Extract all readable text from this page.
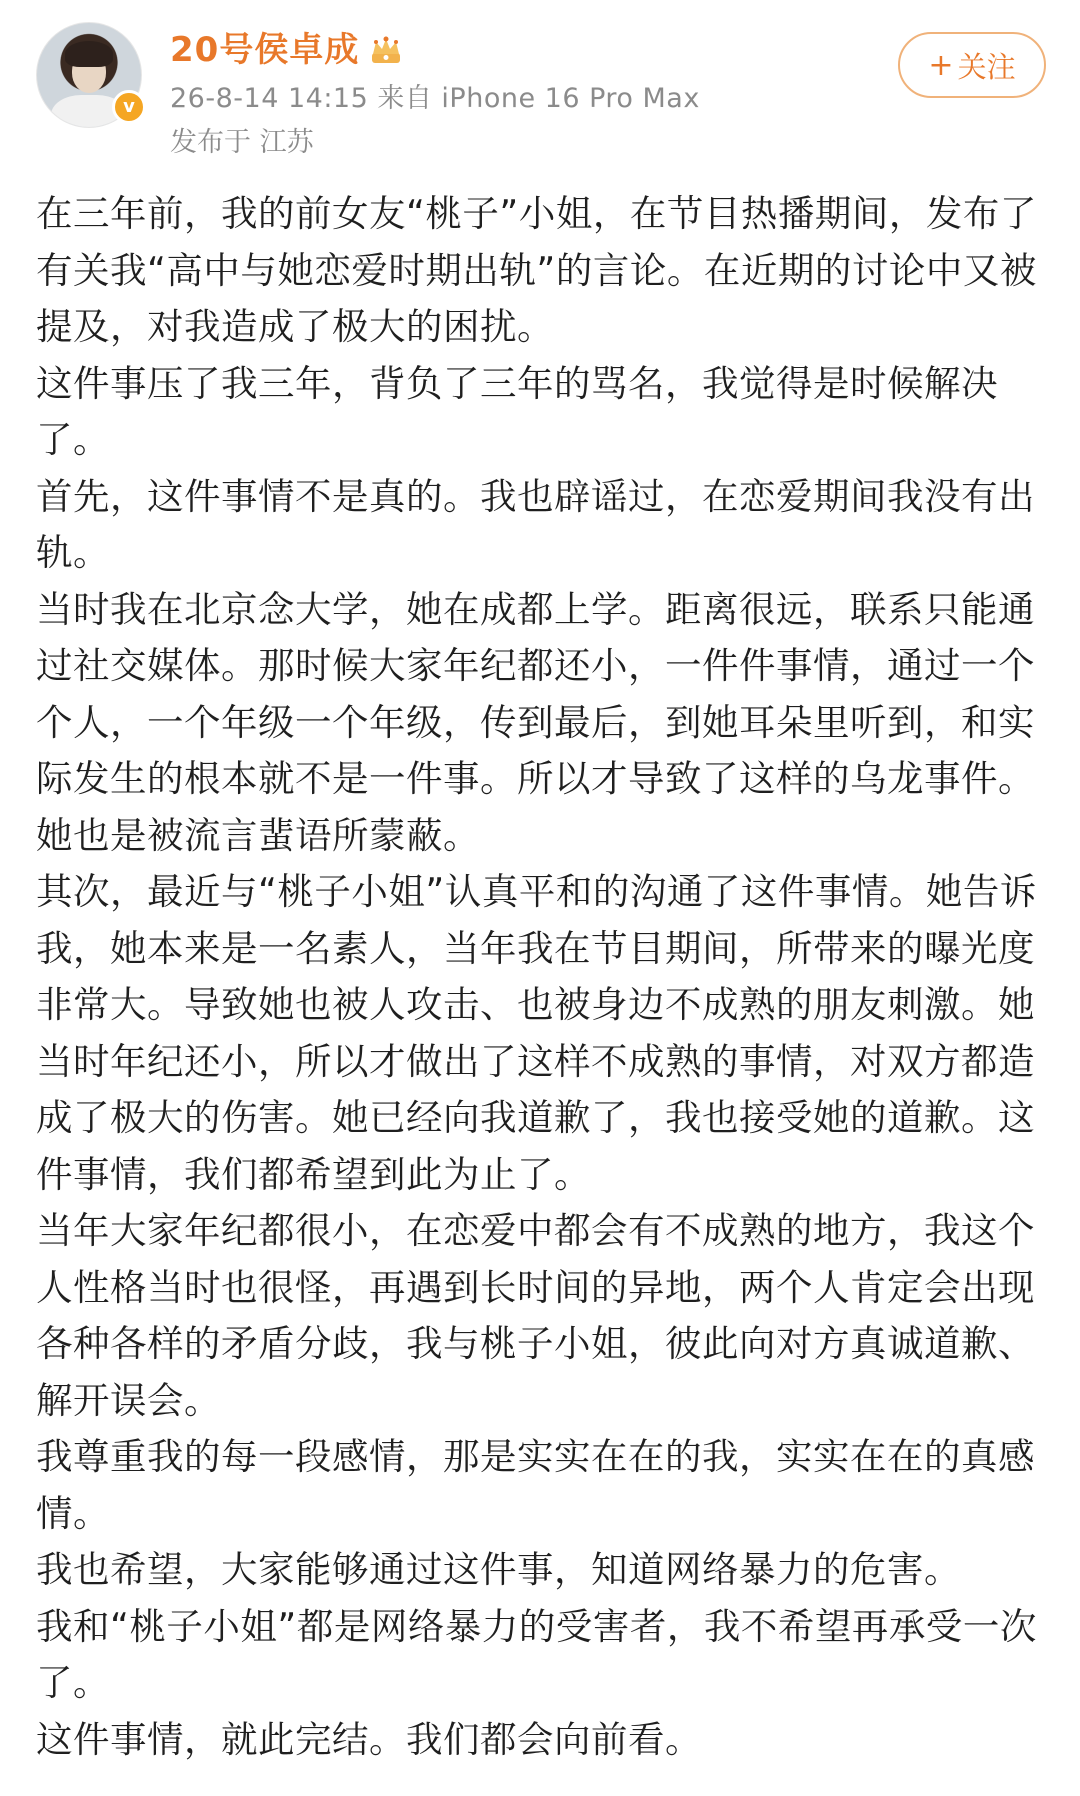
v
20号侯卓成
26-8-14 14:15 来自 iPhone 16 Pro Max
发布于 江苏
+ 关注

在三年前，我的前女友“桃子”小姐，在节目热播期间，发布了有关我“高中与她恋爱时期出轨”的言论。在近期的讨论中又被提及，对我造成了极大的困扰。

这件事压了我三年，背负了三年的骂名，我觉得是时候解决了。

首先，这件事情不是真的。我也辟谣过，在恋爱期间我没有出轨。

当时我在北京念大学，她在成都上学。距离很远，联系只能通过社交媒体。那时候大家年纪都还小，一件件事情，通过一个个人，一个年级一个年级，传到最后，到她耳朵里听到，和实际发生的根本就不是一件事。所以才导致了这样的乌龙事件。她也是被流言蜚语所蒙蔽。

其次，最近与“桃子小姐”认真平和的沟通了这件事情。她告诉我，她本来是一名素人，当年我在节目期间，所带来的曝光度非常大。导致她也被人攻击、也被身边不成熟的朋友刺激。她当时年纪还小，所以才做出了这样不成熟的事情，对双方都造成了极大的伤害。她已经向我道歉了，我也接受她的道歉。这件事情，我们都希望到此为止了。

当年大家年纪都很小，在恋爱中都会有不成熟的地方，我这个人性格当时也很怪，再遇到长时间的异地，两个人肯定会出现各种各样的矛盾分歧，我与桃子小姐，彼此向对方真诚道歉、解开误会。

我尊重我的每一段感情，那是实实在在的我，实实在在的真感情。

我也希望，大家能够通过这件事，知道网络暴力的危害。

我和“桃子小姐”都是网络暴力的受害者，我不希望再承受一次了。

这件事情，就此完结。我们都会向前看。
